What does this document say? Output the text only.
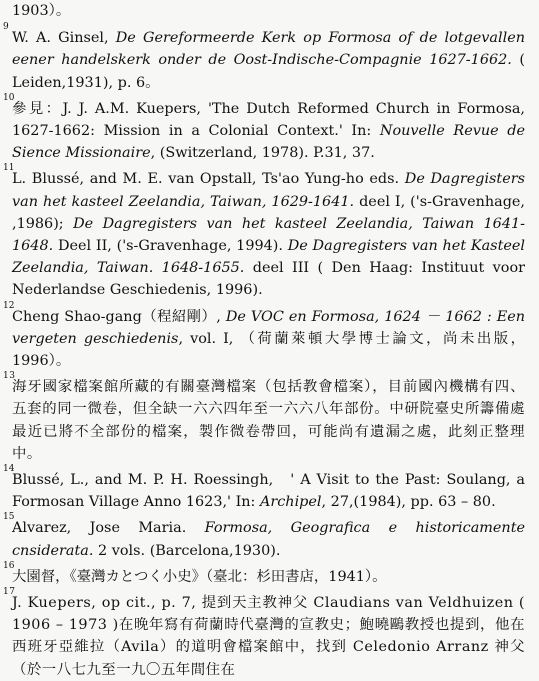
1903）。

9
W. A. Ginsel, De Gereformeerde Kerk op Formosa of de lotgevallen eener handelskerk onder de Oost-Indische-Compagnie 1627-1662. ( Leiden,1931), p. 6。

10
參見：J. J. A.M. Kuepers, 'The Dutch Reformed Church in Formosa, 1627-1662: Mission in a Colonial Context.' In: Nouvelle Revue de Sience Missionaire, (Switzerland, 1978). P.31, 37.

11
L. Blussé, and M. E. van Opstall, Ts'ao Yung-ho eds. De Dagregisters van het kasteel Zeelandia, Taiwan, 1629-1641. deel I, ('s-Gravenhage, ,1986); De Dagregisters van het kasteel Zeelandia, Taiwan 1641-1648. Deel II, ('s-Gravenhage, 1994). De Dagregisters van het Kasteel Zeelandia, Taiwan. 1648-1655. deel III ( Den Haag: Instituut voor Nederlandse Geschiedenis, 1996).

12
Cheng Shao-gang（程紹剛）, De VOC en Formosa, 1624 － 1662 : Een vergeten geschiedenis, vol. I, （荷蘭萊頓大學博士論文，尚未出版，1996）。

13
海牙國家檔案館所藏的有關臺灣檔案（包括教會檔案），目前國內機構有四、五套的同一微卷，但全缺一六六四年至一六六八年部份。中研院臺史所籌備處最近已將不全部份的檔案，製作微卷帶回，可能尚有遺漏之處，此刻正整理中。

14
Blussé, L., and M. P. H. Roessingh,　' A Visit to the Past: Soulang, a Formosan Village Anno 1623,' In: Archipel, 27,(1984), pp. 63 – 80.

15
Alvarez, Jose Maria. Formosa, Geografica e historicamente cnsiderata. 2 vols. (Barcelona,1930).

16
大園督，《臺灣カとつく小史》（臺北：杉田書店，1941）。

17
J. Kuepers, op cit., p. 7, 提到天主教神父 Claudians van Veldhuizen ( 1906 – 1973 )在晚年寫有荷蘭時代臺灣的宣教史；鮑曉鷗教授也提到，他在西班牙亞維拉（Avila）的道明會檔案館中，找到 Celedonio Arranz 神父（於一八七九至一九〇五年間住在
